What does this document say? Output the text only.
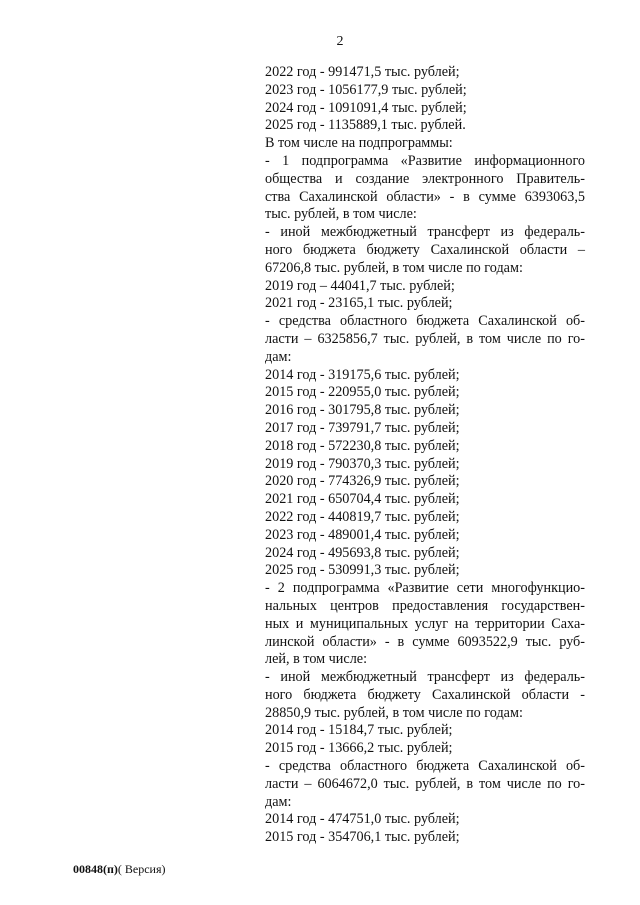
2
2022 год - 991471,5 тыс. рублей;
2023 год - 1056177,9 тыс. рублей;
2024 год - 1091091,4 тыс. рублей;
2025 год - 1135889,1 тыс. рублей.
В том числе на подпрограммы:
- 1 подпрограмма «Развитие информационного
общества и создание электронного Правитель-
ства Сахалинской области» - в сумме 6393063,5
тыс. рублей, в том числе:
- иной межбюджетный трансферт из федераль-
ного бюджета бюджету Сахалинской области –
67206,8 тыс. рублей, в том числе по годам:
2019 год – 44041,7 тыс. рублей;
2021 год - 23165,1 тыс. рублей;
- средства областного бюджета Сахалинской об-
ласти – 6325856,7 тыс. рублей, в том числе по го-
дам:
2014 год - 319175,6 тыс. рублей;
2015 год - 220955,0 тыс. рублей;
2016 год - 301795,8 тыс. рублей;
2017 год - 739791,7 тыс. рублей;
2018 год - 572230,8 тыс. рублей;
2019 год - 790370,3 тыс. рублей;
2020 год - 774326,9 тыс. рублей;
2021 год - 650704,4 тыс. рублей;
2022 год - 440819,7 тыс. рублей;
2023 год - 489001,4 тыс. рублей;
2024 год - 495693,8 тыс. рублей;
2025 год - 530991,3 тыс. рублей;
- 2 подпрограмма «Развитие сети многофункцио-
нальных центров предоставления государствен-
ных и муниципальных услуг на территории Саха-
линской области» - в сумме 6093522,9 тыс. руб-
лей, в том числе:
- иной межбюджетный трансферт из федераль-
ного бюджета бюджету Сахалинской области -
28850,9 тыс. рублей, в том числе по годам:
2014 год - 15184,7 тыс. рублей;
2015 год - 13666,2 тыс. рублей;
- средства областного бюджета Сахалинской об-
ласти – 6064672,0 тыс. рублей, в том числе по го-
дам:
2014 год - 474751,0 тыс. рублей;
2015 год - 354706,1 тыс. рублей;
00848(п)( Версия)
